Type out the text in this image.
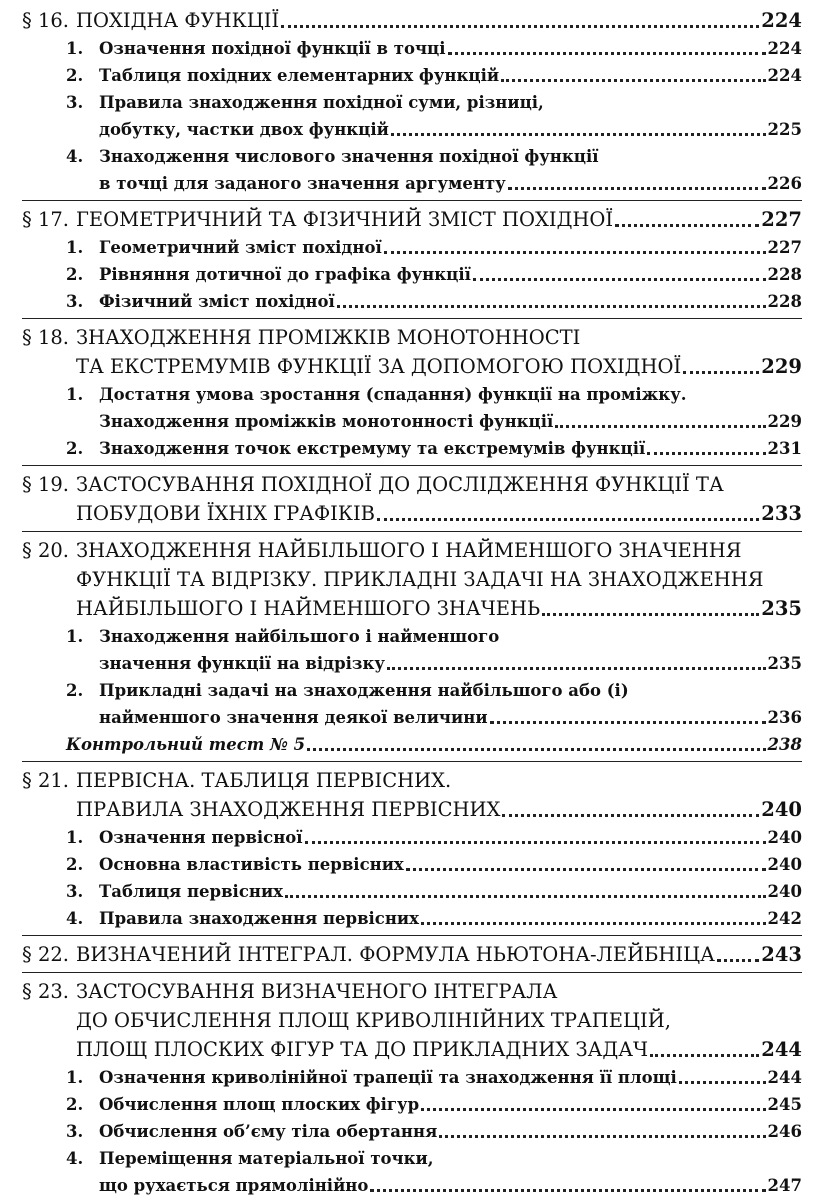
§ 16. ПОХІДНА ФУНКЦІЇ	224
1. Означення похідної функції в точці	224
2. Таблиця похідних елементарних функцій	224
3. Правила знаходження похідної суми, різниці,
добутку, частки двох функцій	225
4. Знаходження числового значення похідної функції
в точці для заданого значення аргументу	226
§ 17. ГЕОМЕТРИЧНИЙ ТА ФІЗИЧНИЙ ЗМІСТ ПОХІДНОЇ	227
1. Геометричний зміст похідної	227
2. Рівняння дотичної до графіка функції	228
3. Фізичний зміст похідної	228
§ 18. ЗНАХОДЖЕННЯ ПРОМІЖКІВ МОНОТОННОСТІ
ТА ЕКСТРЕМУМІВ ФУНКЦІЇ ЗА ДОПОМОГОЮ ПОХІДНОЇ	229
1. Достатня умова зростання (спадання) функції на проміжку.
Знаходження проміжків монотонності функції	229
2. Знаходження точок екстремуму та екстремумів функції	231
§ 19. ЗАСТОСУВАННЯ ПОХІДНОЇ ДО ДОСЛІДЖЕННЯ ФУНКЦІЇ ТА
ПОБУДОВИ ЇХНІХ ГРАФІКІВ	233
§ 20. ЗНАХОДЖЕННЯ НАЙБІЛЬШОГО І НАЙМЕНШОГО ЗНАЧЕННЯ
ФУНКЦІЇ ТА ВІДРІЗКУ. ПРИКЛАДНІ ЗАДАЧІ НА ЗНАХОДЖЕННЯ
НАЙБІЛЬШОГО І НАЙМЕНШОГО ЗНАЧЕНЬ	235
1. Знаходження найбільшого і найменшого
значення функції на відрізку	235
2. Прикладні задачі на знаходження найбільшого або (і)
найменшого значення деякої величини	236
Контрольний тест № 5	238
§ 21. ПЕРВІСНА. ТАБЛИЦЯ ПЕРВІСНИХ.
ПРАВИЛА ЗНАХОДЖЕННЯ ПЕРВІСНИХ	240
1. Означення первісної	240
2. Основна властивість первісних	240
3. Таблиця первісних	240
4. Правила знаходження первісних	242
§ 22. ВИЗНАЧЕНИЙ ІНТЕГРАЛ. ФОРМУЛА НЬЮТОНА-ЛЕЙБНІЦА 243
§ 23. ЗАСТОСУВАННЯ ВИЗНАЧЕНОГО ІНТЕГРАЛА
ДО ОБЧИСЛЕННЯ ПЛОЩ КРИВОЛІНІЙНИХ ТРАПЕЦІЙ,
ПЛОЩ ПЛОСКИХ ФІГУР ТА ДО ПРИКЛАДНИХ ЗАДАЧ	244
1. Означення криволінійної трапеції та знаходження її площі	244
2. Обчислення площ плоских фігур	245
3. Обчислення об’єму тіла обертання	246
4. Переміщення матеріальної точки,
що рухається прямолінійно	247
